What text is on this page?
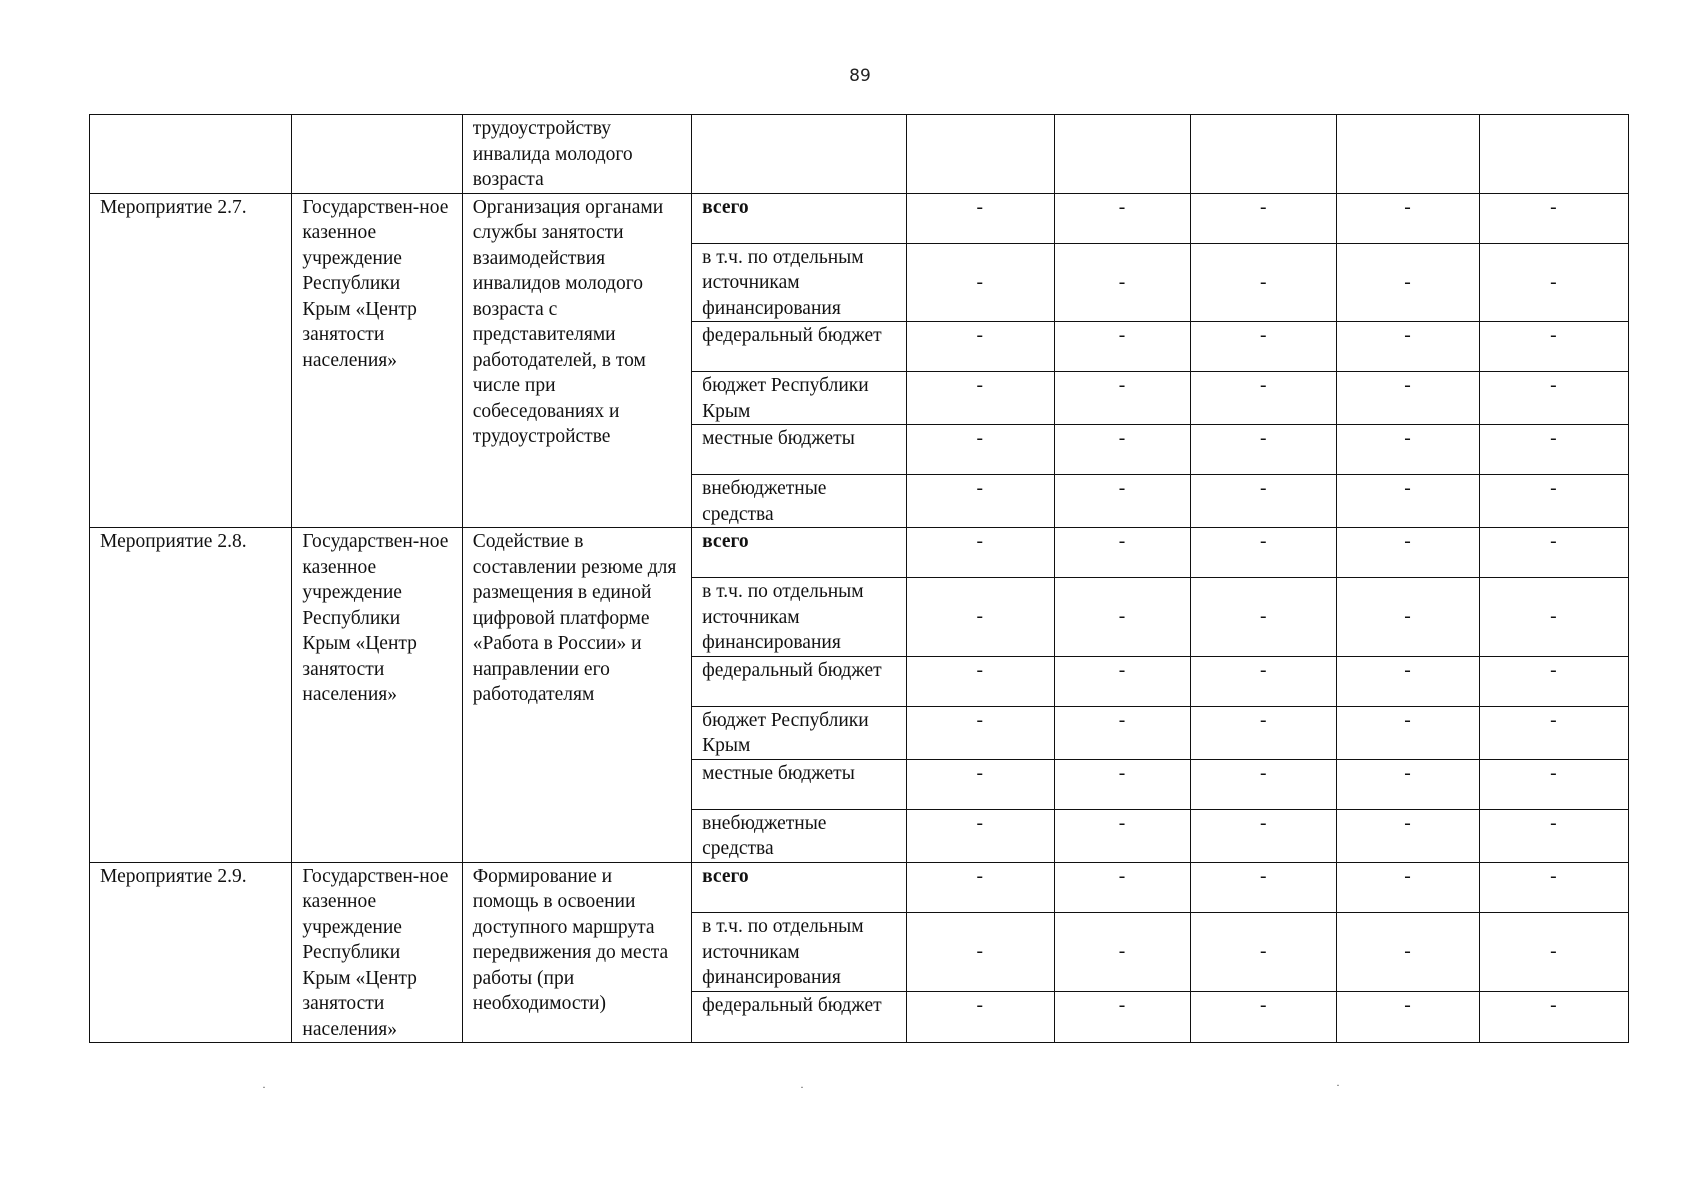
89
		трудоустройству инвалида молодого возраста						
Мероприятие 2.7.	Государствен-ное казенное учреждение Республики Крым «Центр занятости населения»	Организация органами службы занятости взаимодействия инвалидов молодого возраста с представителями работодателей, в том числе при собеседованиях и трудоустройстве	всего	-	-	-	-	-
			в т.ч. по отдельным источникам финансирования	-	-	-	-	-
			федеральный бюджет	-	-	-	-	-
			бюджет Республики Крым	-	-	-	-	-
			местные бюджеты	-	-	-	-	-
			внебюджетные средства	-	-	-	-	-
Мероприятие 2.8.	Государствен-ное казенное учреждение Республики Крым «Центр занятости населения»	Содействие в составлении резюме для размещения в единой цифровой платформе «Работа в России» и направлении его работодателям	всего	-	-	-	-	-
			в т.ч. по отдельным источникам финансирования	-	-	-	-	-
			федеральный бюджет	-	-	-	-	-
			бюджет Республики Крым	-	-	-	-	-
			местные бюджеты	-	-	-	-	-
			внебюджетные средства	-	-	-	-	-
Мероприятие 2.9.	Государствен-ное казенное учреждение Республики Крым «Центр занятости населения»	Формирование и помощь в освоении доступного маршрута передвижения до места работы (при необходимости)	всего	-	-	-	-	-
			в т.ч. по отдельным источникам финансирования	-	-	-	-	-
			федеральный бюджет	-	-	-	-	-
·	·	·
